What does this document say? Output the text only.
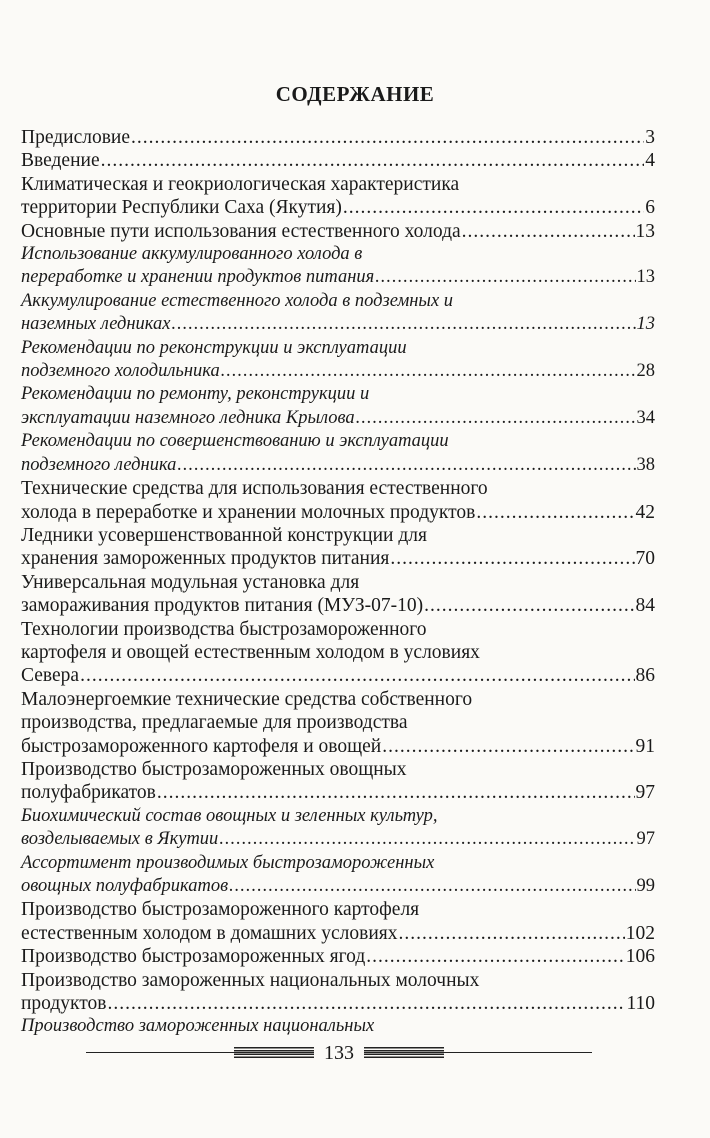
СОДЕРЖАНИЕ
Предисловие .....	3
Введение .....	4
Климатическая и геокриологическая характеристика
территории Республики Саха (Якутия) .....	6
Основные пути использования естественного холода .....	13
Использование аккумулированного холода в
переработке и хранении продуктов питания .....	13
Аккумулирование естественного холода в подземных и
наземных ледниках .....	13
Рекомендации по реконструкции и эксплуатации
подземного холодильника .....	28
Рекомендации по ремонту, реконструкции и
эксплуатации наземного ледника Крылова .....	34
Рекомендации по совершенствованию и эксплуатации
подземного ледника .....	38
Технические средства для использования естественного
холода в переработке и хранении молочных продуктов .....	42
Ледники усовершенствованной конструкции для
хранения замороженных продуктов питания .....	70
Универсальная модульная установка для
замораживания продуктов питания (МУЗ-07-10) .....	84
Технологии производства быстрозамороженного
картофеля и овощей естественным холодом в условиях
Севера .....	86
Малоэнергоемкие технические средства собственного
производства, предлагаемые для производства
быстрозамороженного картофеля и овощей .....	91
Производство быстрозамороженных овощных
полуфабрикатов .....	97
Биохимический состав овощных и зеленных культур,
возделываемых в Якутии .....	97
Ассортимент производимых быстрозамороженных
овощных полуфабрикатов .....	99
Производство быстрозамороженного картофеля
естественным холодом в домашних условиях .....	102
Производство быстрозамороженных ягод .....	106
Производство замороженных национальных молочных
продуктов .....	110
Производство замороженных национальных
133
